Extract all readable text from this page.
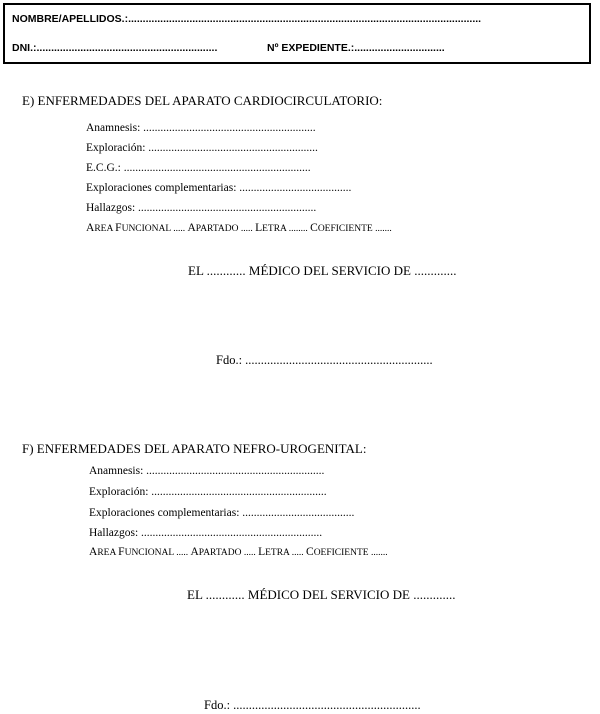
NOMBRE/APELLIDOS.:.........................................................................................................................
DNI.:..............................................................	Nº EXPEDIENTE.:...............................
E) ENFERMEDADES DEL APARATO CARDIOCIRCULATORIO:
Anamnesis: ............................................................
Exploración: ...........................................................
E.C.G.: .................................................................
Exploraciones complementarias: .......................................
Hallazgos: ..............................................................
AREA FUNCIONAL ..... APARTADO ..... LETRA ........ COEFICIENTE .......
EL ............ MÉDICO DEL SERVICIO DE .............
Fdo.: ............................................................
F) ENFERMEDADES DEL APARATO NEFRO-UROGENITAL:
Anamnesis: ..............................................................
Exploración: .............................................................
Exploraciones complementarias: .......................................
Hallazgos: ...............................................................
AREA FUNCIONAL ..... APARTADO ..... LETRA ..... COEFICIENTE .......
EL ............ MÉDICO DEL SERVICIO DE .............
Fdo.: ............................................................
